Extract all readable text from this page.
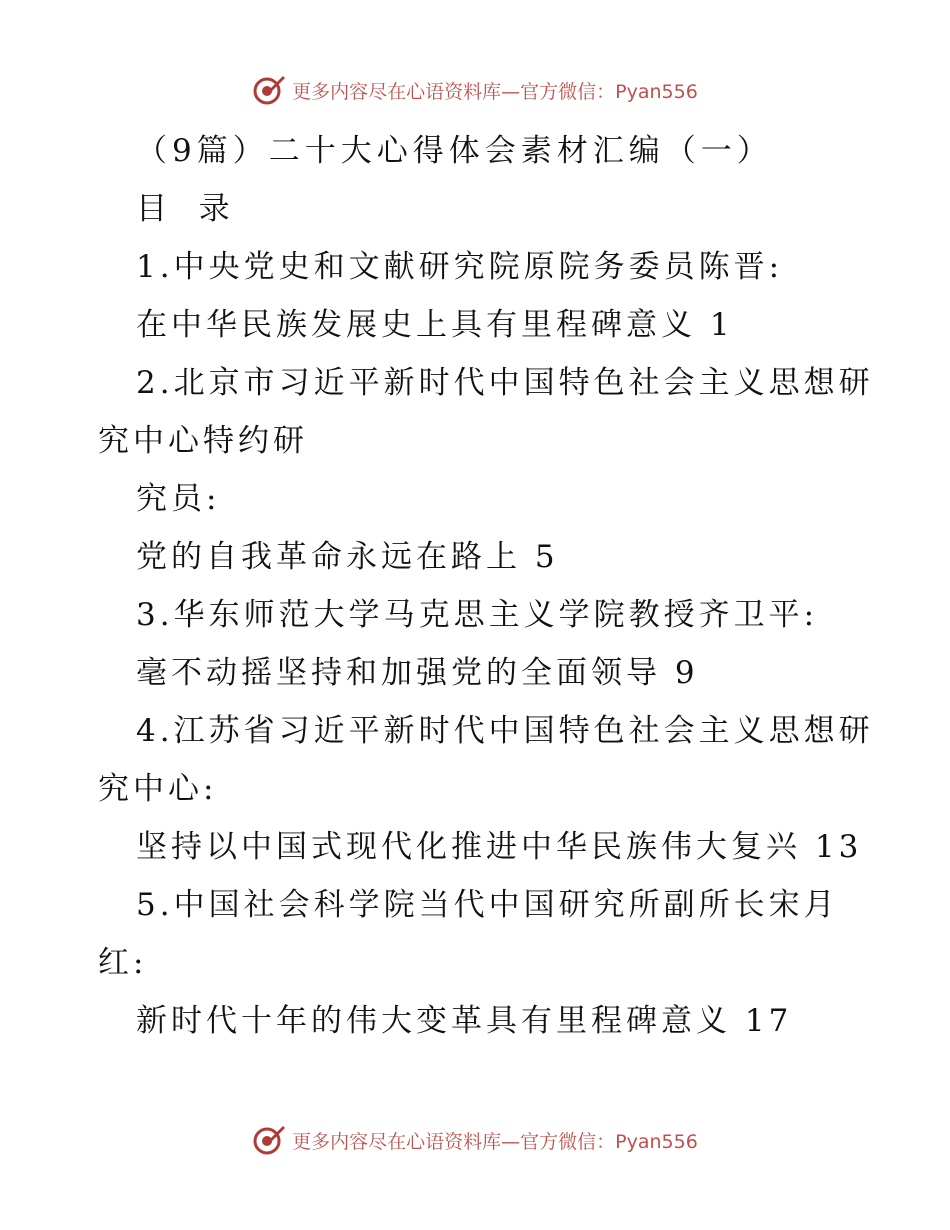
更多内容尽在心语资料库—官方微信：Pyan556
（9篇）二十大心得体会素材汇编（一）
目  录
1.中央党史和文献研究院原院务委员陈晋:
在中华民族发展史上具有里程碑意义 1
2.北京市习近平新时代中国特色社会主义思想研
究中心特约研
究员:
党的自我革命永远在路上 5
3.华东师范大学马克思主义学院教授齐卫平:
毫不动摇坚持和加强党的全面领导 9
4.江苏省习近平新时代中国特色社会主义思想研
究中心:
坚持以中国式现代化推进中华民族伟大复兴 13
5.中国社会科学院当代中国研究所副所长宋月
红:
新时代十年的伟大变革具有里程碑意义 17
更多内容尽在心语资料库—官方微信：Pyan556
